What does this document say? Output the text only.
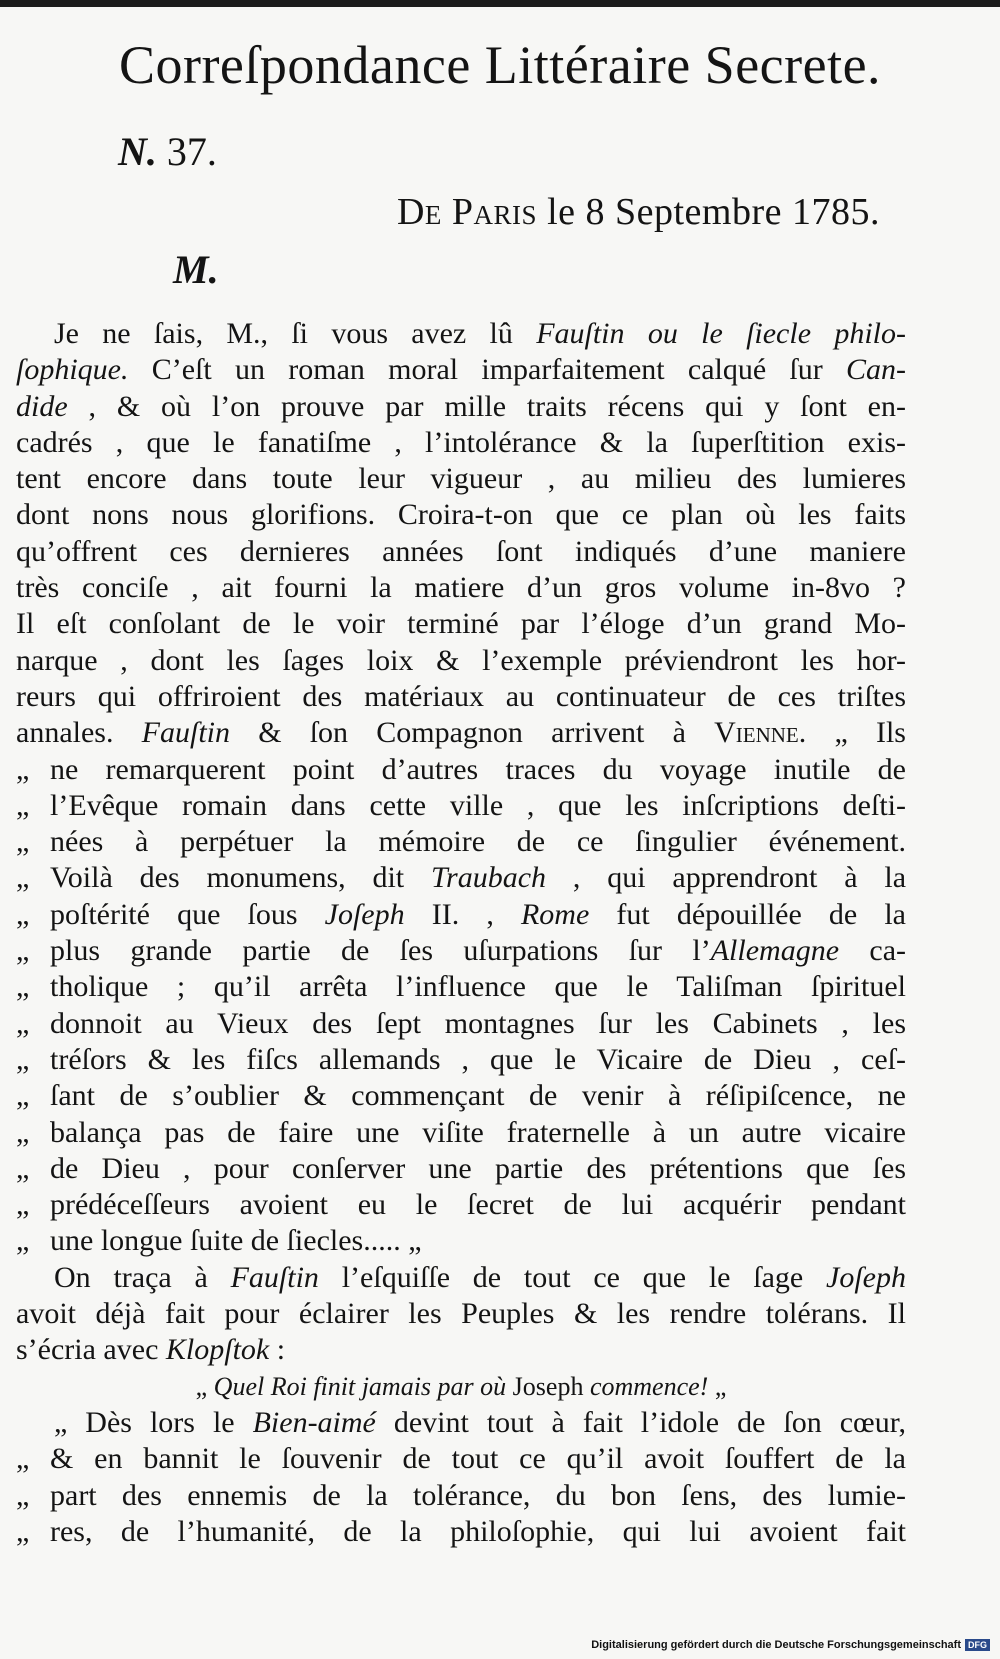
Correſpondance Littéraire Secrete.
N. 37.
De Paris le 8 Septembre 1785.
M.
Je ne ſais, M., ſi vous avez lû Fauſtin ou le ſiecle philo-
ſophique. C’eſt un roman moral imparfaitement calqué ſur Can-
dide , & où l’on prouve par mille traits récens qui y ſont en-
cadrés , que le fanatiſme , l’intolérance & la ſuperſtition exis-
tent encore dans toute leur vigueur , au milieu des lumieres
dont nons nous glorifions. Croira-t-on que ce plan où les faits
qu’offrent ces dernieres années ſont indiqués d’une maniere
très conciſe , ait fourni la matiere d’un gros volume in-8vo ?
Il eſt conſolant de le voir terminé par l’éloge d’un grand Mo-
narque , dont les ſages loix & l’exemple préviendront les hor-
reurs qui offriroient des matériaux au continuateur de ces triſtes
annales. Fauſtin & ſon Compagnon arrivent à Vienne. „ Ils
„ ne remarquerent point d’autres traces du voyage inutile de
„ l’Evêque romain dans cette ville , que les inſcriptions deſti-
„ nées à perpétuer la mémoire de ce ſingulier événement.
„ Voilà des monumens, dit Traubach , qui apprendront à la
„ poſtérité que ſous Joſeph II. , Rome fut dépouillée de la
„ plus grande partie de ſes uſurpations ſur l’Allemagne ca-
„ tholique ; qu’il arrêta l’influence que le Taliſman ſpirituel
„ donnoit au Vieux des ſept montagnes ſur les Cabinets , les
„ tréſors & les fiſcs allemands , que le Vicaire de Dieu , ceſ-
„ ſant de s’oublier & commençant de venir à réſipiſcence, ne
„ balança pas de faire une viſite fraternelle à un autre vicaire
„ de Dieu , pour conſerver une partie des prétentions que ſes
„ prédéceſſeurs avoient eu le ſecret de lui acquérir pendant
„ une longue ſuite de ſiecles..... „
On traça à Fauſtin l’eſquiſſe de tout ce que le ſage Joſeph
avoit déjà fait pour éclairer les Peuples & les rendre tolérans. Il
s’écria avec Klopſtok :
„ Quel Roi finit jamais par où Joseph commence! „
„ Dès lors le Bien-aimé devint tout à fait l’idole de ſon cœur,
„ & en bannit le ſouvenir de tout ce qu’il avoit ſouffert de la
„ part des ennemis de la tolérance, du bon ſens, des lumie-
„ res, de l’humanité, de la philoſophie, qui lui avoient fait
Digitalisierung gefördert durch die Deutsche Forschungsgemeinschaft DFG
